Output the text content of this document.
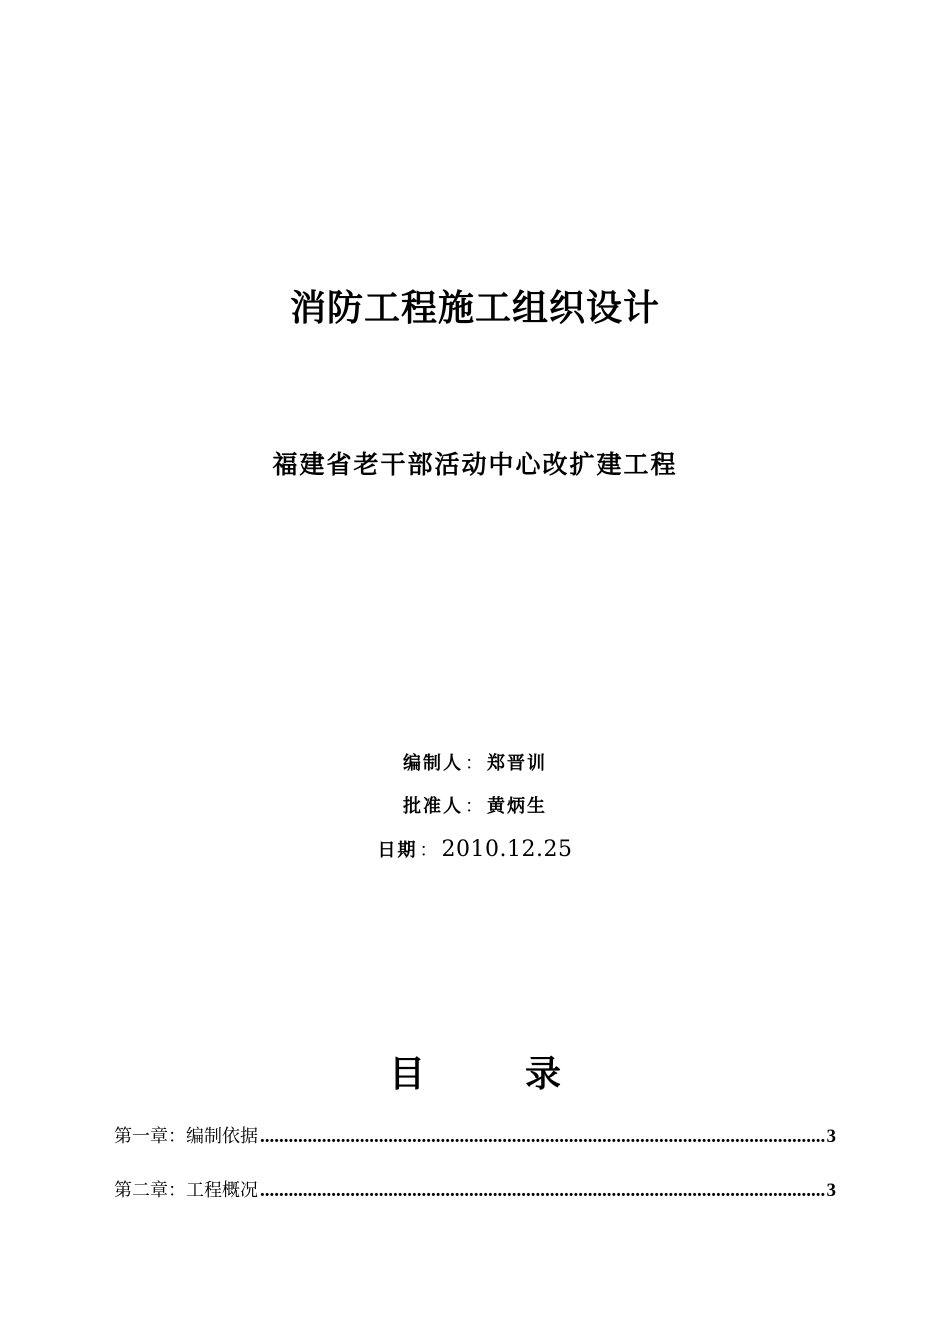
消防工程施工组织设计
福建省老干部活动中心改扩建工程
编制人 ： 郑晋训
批准人 ： 黄炳生
日期 ：2010.12.25
目	录
第一章：编制依据 .....	3
第二章：工程概况 .....	3
